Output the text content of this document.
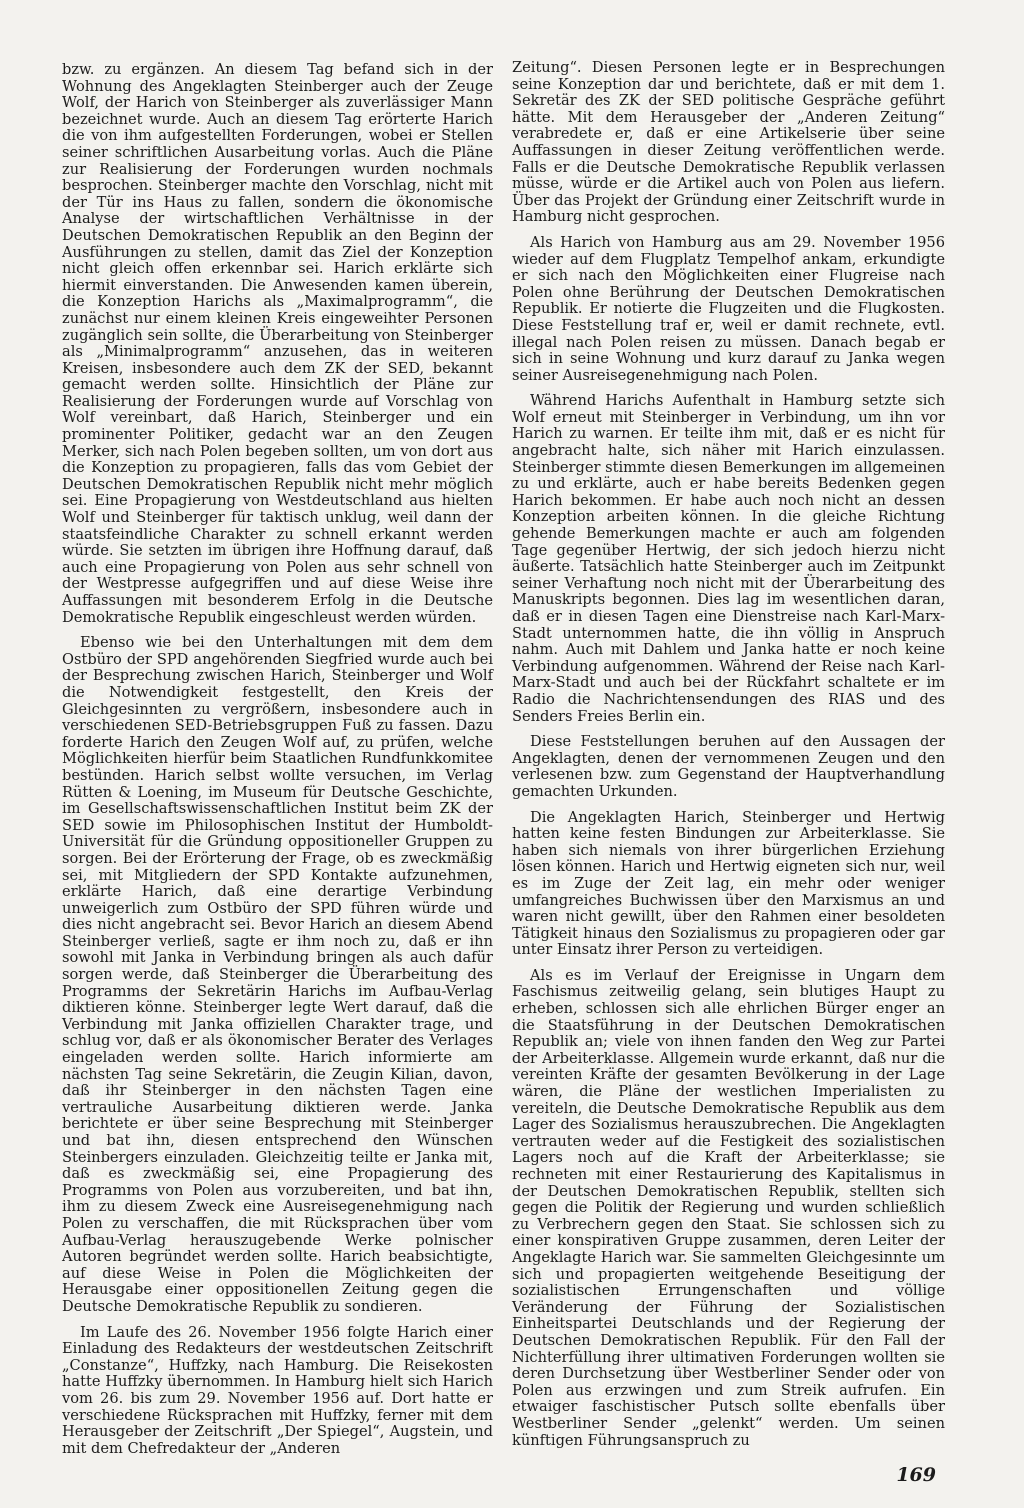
bzw. zu ergänzen. An diesem Tag befand sich in der Wohnung des Angeklagten Steinberger auch der Zeuge Wolf, der Harich von Steinberger als zuverlässiger Mann bezeichnet wurde. Auch an diesem Tag erörterte Harich die von ihm aufgestellten Forderungen, wobei er Stellen seiner schriftlichen Ausarbeitung vorlas. Auch die Pläne zur Realisierung der Forderungen wurden nochmals besprochen. Steinberger machte den Vorschlag, nicht mit der Tür ins Haus zu fallen, sondern die ökonomische Analyse der wirtschaftlichen Verhältnisse in der Deutschen Demokratischen Republik an den Beginn der Ausführungen zu stellen, damit das Ziel der Konzeption nicht gleich offen erkennbar sei. Harich erklärte sich hiermit einverstanden. Die Anwesenden kamen überein, die Konzeption Harichs als „Maximalprogramm“, die zunächst nur einem kleinen Kreis eingeweihter Personen zugänglich sein sollte, die Überarbeitung von Steinberger als „Minimalprogramm“ anzusehen, das in weiteren Kreisen, insbesondere auch dem ZK der SED, bekannt gemacht werden sollte. Hinsichtlich der Pläne zur Realisierung der Forderungen wurde auf Vorschlag von Wolf vereinbart, daß Harich, Steinberger und ein prominenter Politiker, gedacht war an den Zeugen Merker, sich nach Polen begeben sollten, um von dort aus die Konzeption zu propagieren, falls das vom Gebiet der Deutschen Demokratischen Republik nicht mehr möglich sei. Eine Propagierung von Westdeutschland aus hielten Wolf und Steinberger für taktisch unklug, weil dann der staatsfeindliche Charakter zu schnell erkannt werden würde. Sie setzten im übrigen ihre Hoffnung darauf, daß auch eine Propagierung von Polen aus sehr schnell von der Westpresse aufgegriffen und auf diese Weise ihre Auffassungen mit besonderem Erfolg in die Deutsche Demokratische Republik eingeschleust werden würden.

Ebenso wie bei den Unterhaltungen mit dem dem Ostbüro der SPD angehörenden Siegfried wurde auch bei der Besprechung zwischen Harich, Steinberger und Wolf die Notwendigkeit festgestellt, den Kreis der Gleichgesinnten zu vergrößern, insbesondere auch in verschiedenen SED-Betriebsgruppen Fuß zu fassen. Dazu forderte Harich den Zeugen Wolf auf, zu prüfen, welche Möglichkeiten hierfür beim Staatlichen Rundfunkkomitee bestünden. Harich selbst wollte versuchen, im Verlag Rütten & Loening, im Museum für Deutsche Geschichte, im Gesellschaftswissenschaftlichen Institut beim ZK der SED sowie im Philosophischen Institut der Humboldt-Universität für die Gründung oppositioneller Gruppen zu sorgen. Bei der Erörterung der Frage, ob es zweckmäßig sei, mit Mitgliedern der SPD Kontakte aufzunehmen, erklärte Harich, daß eine derartige Verbindung unweigerlich zum Ostbüro der SPD führen würde und dies nicht angebracht sei. Bevor Harich an diesem Abend Steinberger verließ, sagte er ihm noch zu, daß er ihn sowohl mit Janka in Verbindung bringen als auch dafür sorgen werde, daß Steinberger die Überarbeitung des Programms der Sekretärin Harichs im Aufbau-Verlag diktieren könne. Steinberger legte Wert darauf, daß die Verbindung mit Janka offiziellen Charakter trage, und schlug vor, daß er als ökonomischer Berater des Verlages eingeladen werden sollte. Harich informierte am nächsten Tag seine Sekretärin, die Zeugin Kilian, davon, daß ihr Steinberger in den nächsten Tagen eine vertrauliche Ausarbeitung diktieren werde. Janka berichtete er über seine Besprechung mit Steinberger und bat ihn, diesen entsprechend den Wünschen Steinbergers einzuladen. Gleichzeitig teilte er Janka mit, daß es zweckmäßig sei, eine Propagierung des Programms von Polen aus vorzubereiten, und bat ihn, ihm zu diesem Zweck eine Ausreisegenehmigung nach Polen zu verschaffen, die mit Rücksprachen über vom Aufbau-Verlag herauszugebende Werke polnischer Autoren begründet werden sollte. Harich beabsichtigte, auf diese Weise in Polen die Möglichkeiten der Herausgabe einer oppositionellen Zeitung gegen die Deutsche Demokratische Republik zu sondieren.

Im Laufe des 26. November 1956 folgte Harich einer Einladung des Redakteurs der westdeutschen Zeitschrift „Constanze“, Huffzky, nach Hamburg. Die Reisekosten hatte Huffzky übernommen. In Hamburg hielt sich Harich vom 26. bis zum 29. November 1956 auf. Dort hatte er verschiedene Rücksprachen mit Huffzky, ferner mit dem Herausgeber der Zeitschrift „Der Spiegel“, Augstein, und mit dem Chefredakteur der „Anderen

Zeitung“. Diesen Personen legte er in Besprechungen seine Konzeption dar und berichtete, daß er mit dem 1. Sekretär des ZK der SED politische Gespräche geführt hätte. Mit dem Herausgeber der „Anderen Zeitung“ verabredete er, daß er eine Artikelserie über seine Auffassungen in dieser Zeitung veröffentlichen werde. Falls er die Deutsche Demokratische Republik verlassen müsse, würde er die Artikel auch von Polen aus liefern. Über das Projekt der Gründung einer Zeitschrift wurde in Hamburg nicht gesprochen.

Als Harich von Hamburg aus am 29. November 1956 wieder auf dem Flugplatz Tempelhof ankam, erkundigte er sich nach den Möglichkeiten einer Flugreise nach Polen ohne Berührung der Deutschen Demokratischen Republik. Er notierte die Flugzeiten und die Flugkosten. Diese Feststellung traf er, weil er damit rechnete, evtl. illegal nach Polen reisen zu müssen. Danach begab er sich in seine Wohnung und kurz darauf zu Janka wegen seiner Ausreisegenehmigung nach Polen.

Während Harichs Aufenthalt in Hamburg setzte sich Wolf erneut mit Steinberger in Verbindung, um ihn vor Harich zu warnen. Er teilte ihm mit, daß er es nicht für angebracht halte, sich näher mit Harich einzulassen. Steinberger stimmte diesen Bemerkungen im allgemeinen zu und erklärte, auch er habe bereits Bedenken gegen Harich bekommen. Er habe auch noch nicht an dessen Konzeption arbeiten können. In die gleiche Richtung gehende Bemerkungen machte er auch am folgenden Tage gegenüber Hertwig, der sich jedoch hierzu nicht äußerte. Tatsächlich hatte Steinberger auch im Zeitpunkt seiner Verhaftung noch nicht mit der Überarbeitung des Manuskripts begonnen. Dies lag im wesentlichen daran, daß er in diesen Tagen eine Dienstreise nach Karl-Marx-Stadt unternommen hatte, die ihn völlig in Anspruch nahm. Auch mit Dahlem und Janka hatte er noch keine Verbindung aufgenommen. Während der Reise nach Karl-Marx-Stadt und auch bei der Rückfahrt schaltete er im Radio die Nachrichtensendungen des RIAS und des Senders Freies Berlin ein.

Diese Feststellungen beruhen auf den Aussagen der Angeklagten, denen der vernommenen Zeugen und den verlesenen bzw. zum Gegenstand der Hauptverhandlung gemachten Urkunden.

Die Angeklagten Harich, Steinberger und Hertwig hatten keine festen Bindungen zur Arbeiterklasse. Sie haben sich niemals von ihrer bürgerlichen Erziehung lösen können. Harich und Hertwig eigneten sich nur, weil es im Zuge der Zeit lag, ein mehr oder weniger umfangreiches Buchwissen über den Marxismus an und waren nicht gewillt, über den Rahmen einer besoldeten Tätigkeit hinaus den Sozialismus zu propagieren oder gar unter Einsatz ihrer Person zu verteidigen.

Als es im Verlauf der Ereignisse in Ungarn dem Faschismus zeitweilig gelang, sein blutiges Haupt zu erheben, schlossen sich alle ehrlichen Bürger enger an die Staatsführung in der Deutschen Demokratischen Republik an; viele von ihnen fanden den Weg zur Partei der Arbeiterklasse. Allgemein wurde erkannt, daß nur die vereinten Kräfte der gesamten Bevölkerung in der Lage wären, die Pläne der westlichen Imperialisten zu vereiteln, die Deutsche Demokratische Republik aus dem Lager des Sozialismus herauszubrechen. Die Angeklagten vertrauten weder auf die Festigkeit des sozialistischen Lagers noch auf die Kraft der Arbeiterklasse; sie rechneten mit einer Restaurierung des Kapitalismus in der Deutschen Demokratischen Republik, stellten sich gegen die Politik der Regierung und wurden schließlich zu Verbrechern gegen den Staat. Sie schlossen sich zu einer konspirativen Gruppe zusammen, deren Leiter der Angeklagte Harich war. Sie sammelten Gleichgesinnte um sich und propagierten weitgehende Beseitigung der sozialistischen Errungenschaften und völlige Veränderung der Führung der Sozialistischen Einheitspartei Deutschlands und der Regierung der Deutschen Demokratischen Republik. Für den Fall der Nichterfüllung ihrer ultimativen Forderungen wollten sie deren Durchsetzung über Westberliner Sender oder von Polen aus erzwingen und zum Streik aufrufen. Ein etwaiger faschistischer Putsch sollte ebenfalls über Westberliner Sender „gelenkt“ werden. Um seinen künftigen Führungsanspruch zu

169
